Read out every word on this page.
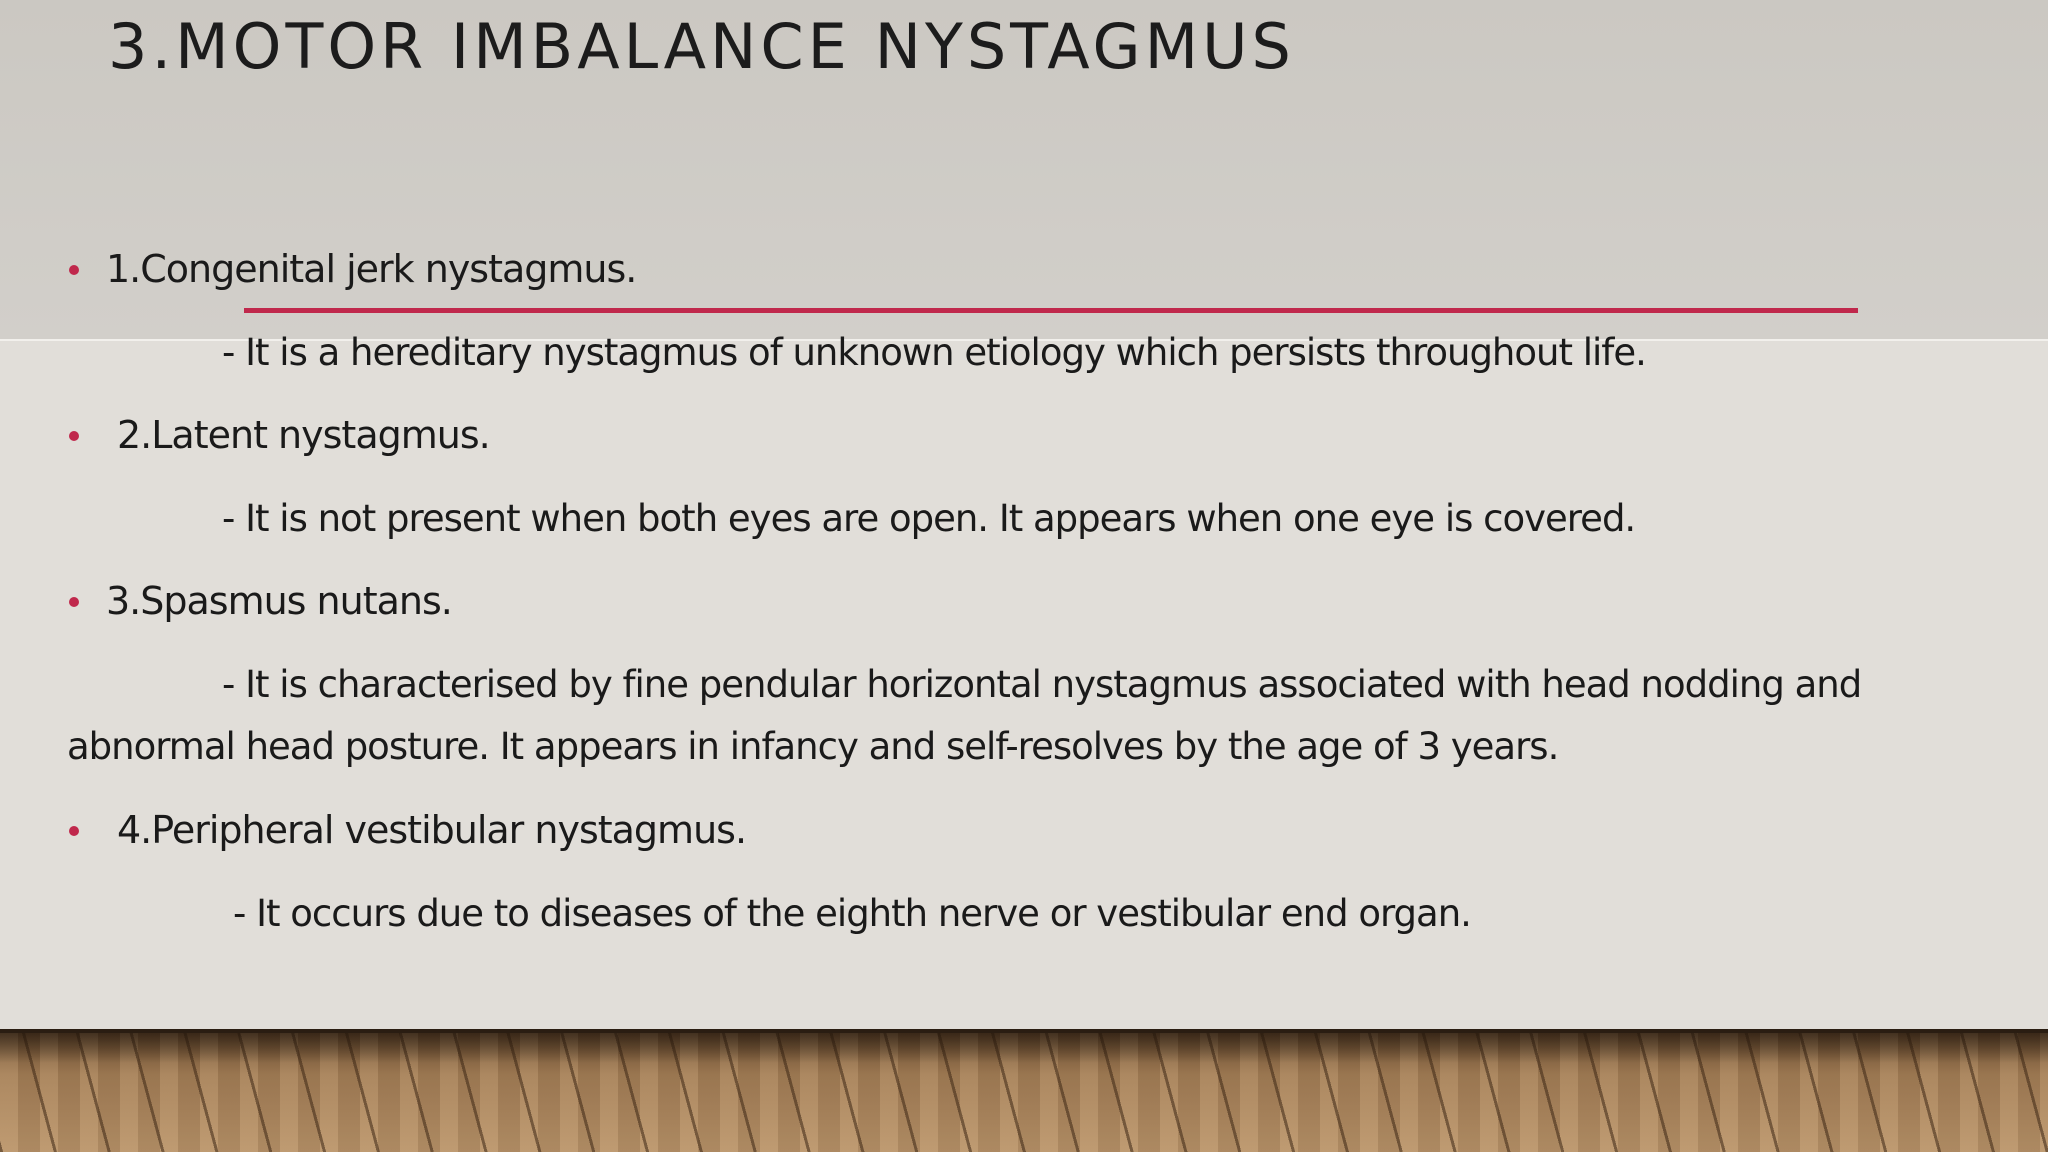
3.MOTOR IMBALANCE NYSTAGMUS
1.Congenital jerk nystagmus.

- It is a hereditary nystagmus of unknown etiology which persists throughout life.

2.Latent nystagmus.

- It is not present when both eyes are open. It appears when one eye is covered.

3.Spasmus nutans.

- It is characterised by fine pendular horizontal nystagmus associated with head nodding and

abnormal head posture. It appears in infancy and self-resolves by the age of 3 years.

4.Peripheral vestibular nystagmus.

- It occurs due to diseases of the eighth nerve or vestibular end organ.
